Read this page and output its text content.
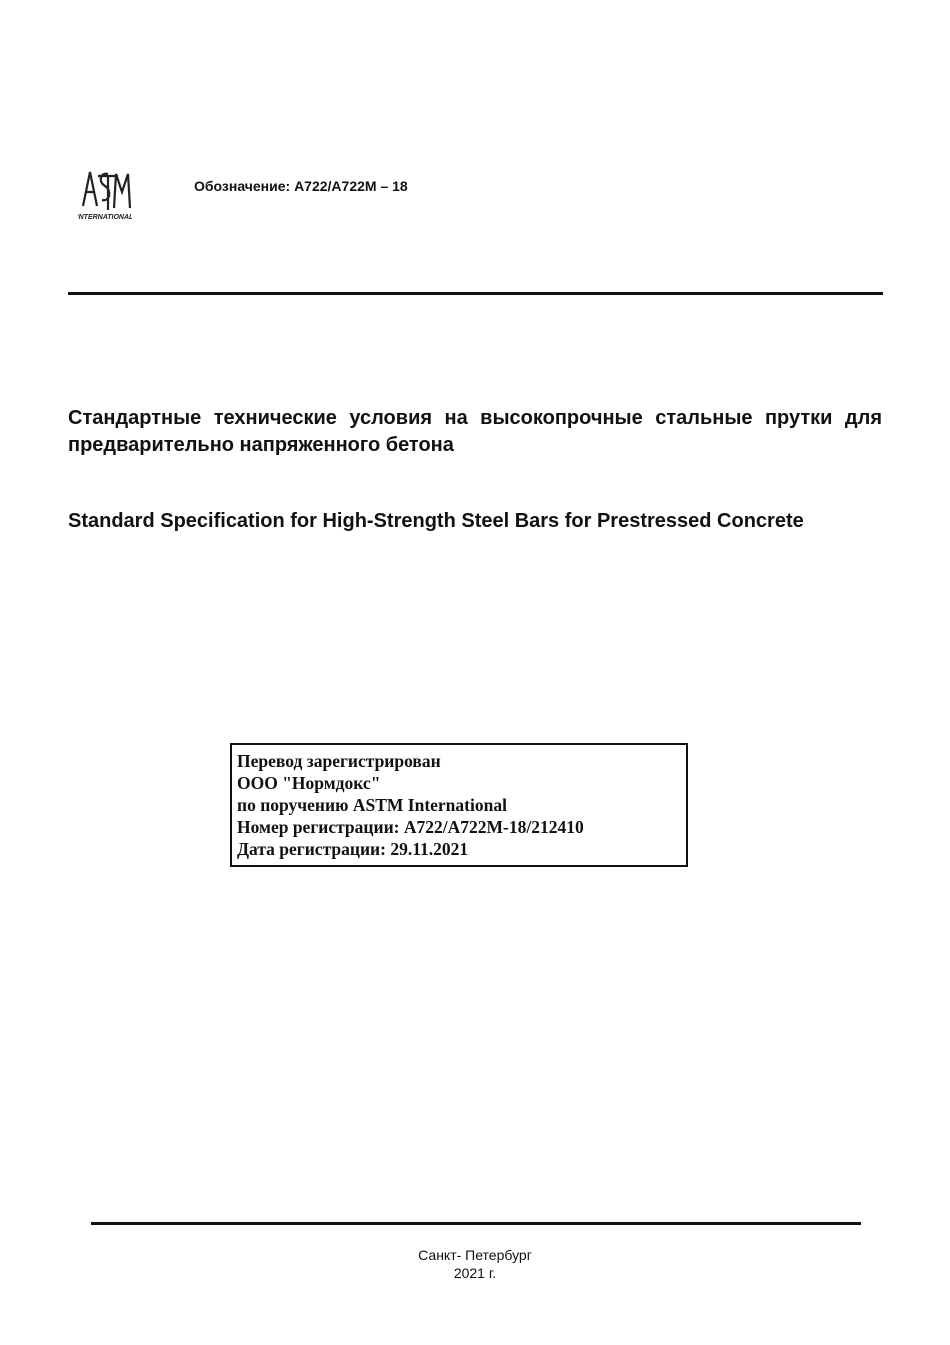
INTERNATIONAL
Обозначение: A722/A722M – 18
Стандартные технические условия на высокопрочные стальные прутки для предварительно напряженного бетона
Standard Specification for High-Strength Steel Bars for Prestressed Concrete
Перевод зарегистрирован
ООО "Нормдокс"
по поручению ASTM International
Номер регистрации: A722/A722M-18/212410
Дата регистрации: 29.11.2021
Санкт- Петербург
2021 г.
